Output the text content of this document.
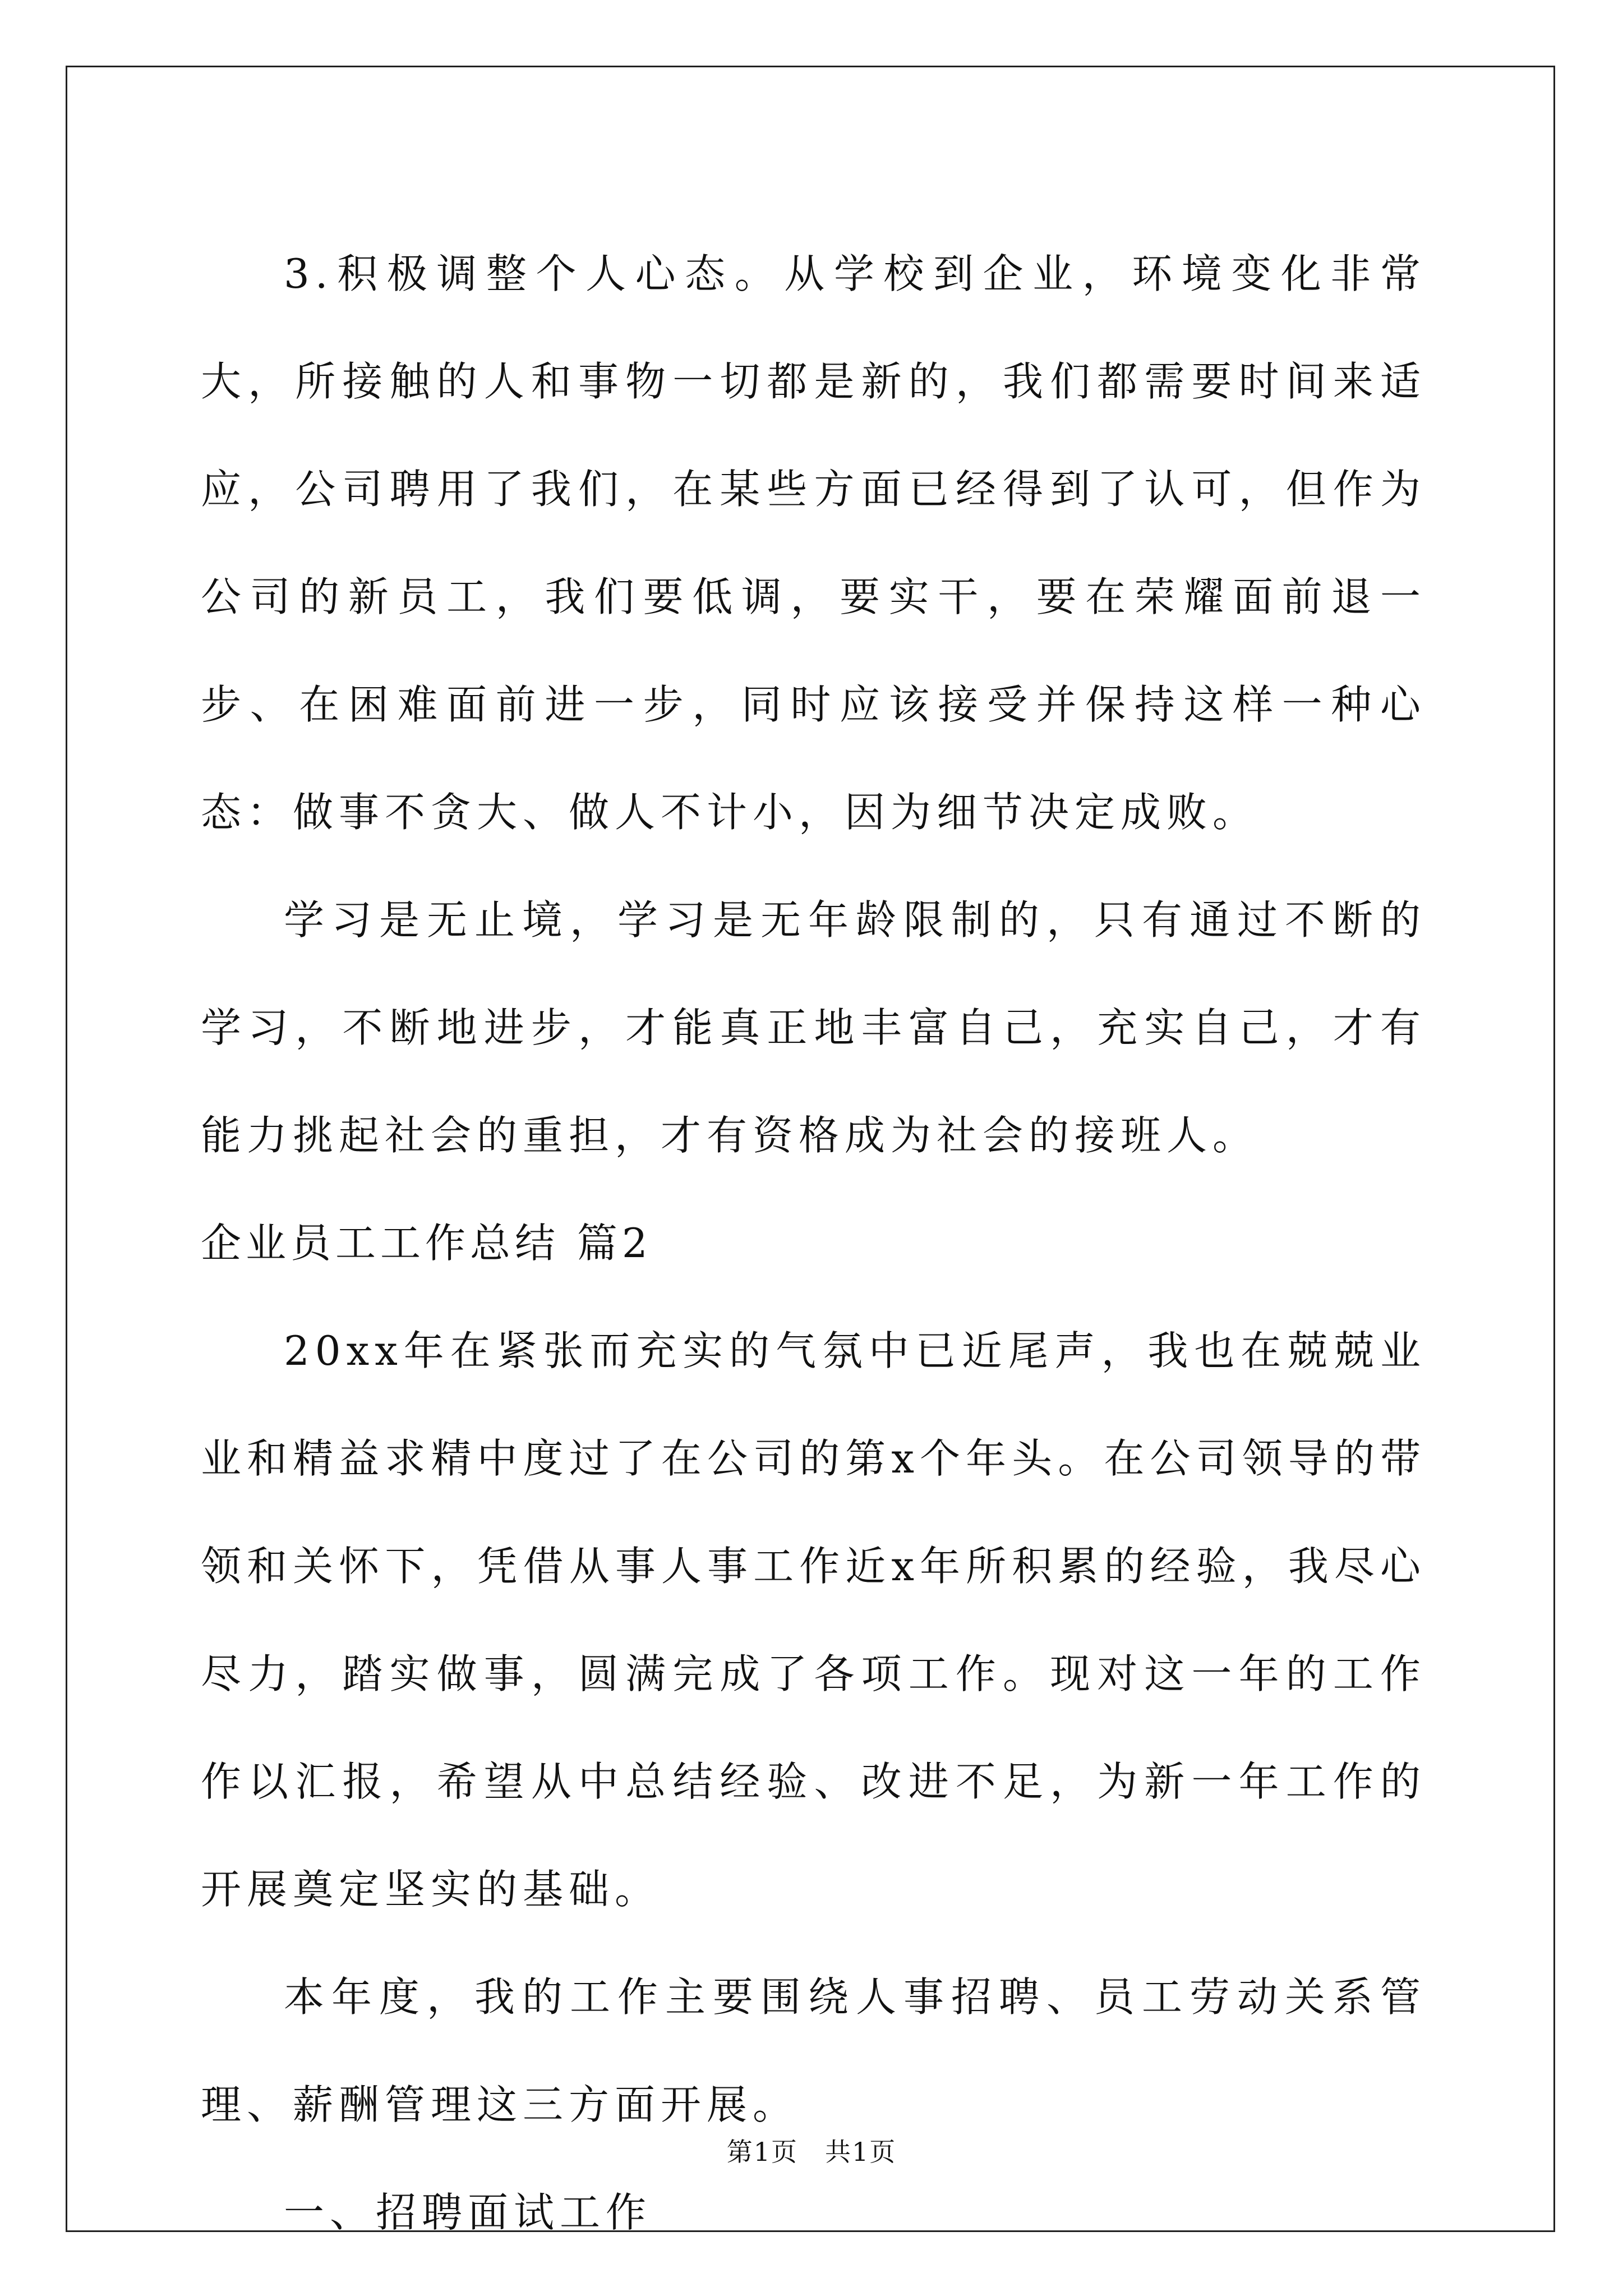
3.积极调整个人心态。从学校到企业，环境变化非常大，所接触的人和事物一切都是新的，我们都需要时间来适应，公司聘用了我们，在某些方面已经得到了认可，但作为公司的新员工，我们要低调，要实干，要在荣耀面前退一步、在困难面前进一步，同时应该接受并保持这样一种心态：做事不贪大、做人不计小，因为细节决定成败。

学习是无止境，学习是无年龄限制的，只有通过不断的学习，不断地进步，才能真正地丰富自己，充实自己，才有能力挑起社会的重担，才有资格成为社会的接班人。

企业员工工作总结 篇2

20xx年在紧张而充实的气氛中已近尾声，我也在兢兢业业和精益求精中度过了在公司的第x个年头。在公司领导的带领和关怀下，凭借从事人事工作近x年所积累的经验，我尽心尽力，踏实做事，圆满完成了各项工作。现对这一年的工作作以汇报，希望从中总结经验、改进不足，为新一年工作的开展奠定坚实的基础。

本年度，我的工作主要围绕人事招聘、员工劳动关系管理、薪酬管理这三方面开展。

一、招聘面试工作

第1页　共1页
